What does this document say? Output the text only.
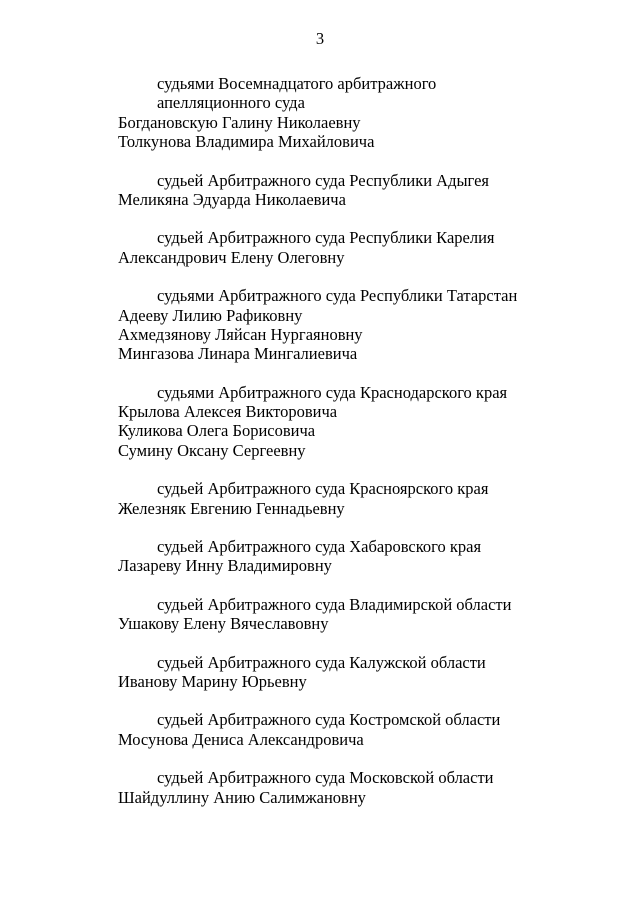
3
судьями Восемнадцатого арбитражного
апелляционного суда
Богдановскую Галину Николаевну
Толкунова Владимира Михайловича
судьей Арбитражного суда Республики Адыгея
Меликяна Эдуарда Николаевича
судьей Арбитражного суда Республики Карелия
Александрович Елену Олеговну
судьями Арбитражного суда Республики Татарстан
Адееву Лилию Рафиковну
Ахмедзянову Ляйсан Нургаяновну
Мингазова Линара Мингалиевича
судьями Арбитражного суда Краснодарского края
Крылова Алексея Викторовича
Куликова Олега Борисовича
Сумину Оксану Сергеевну
судьей Арбитражного суда Красноярского края
Железняк Евгению Геннадьевну
судьей Арбитражного суда Хабаровского края
Лазареву Инну Владимировну
судьей Арбитражного суда Владимирской области
Ушакову Елену Вячеславовну
судьей Арбитражного суда Калужской области
Иванову Марину Юрьевну
судьей Арбитражного суда Костромской области
Мосунова Дениса Александровича
судьей Арбитражного суда Московской области
Шайдуллину Анию Салимжановну
